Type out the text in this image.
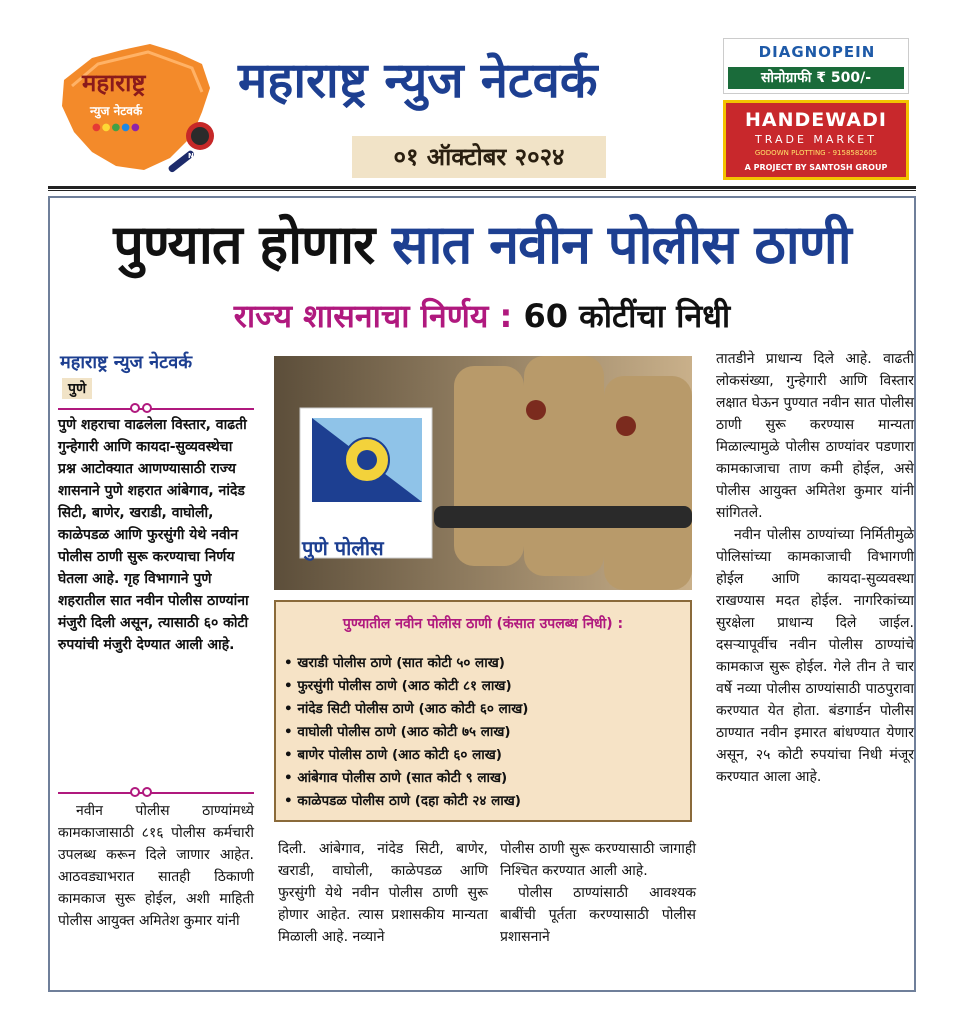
महाराष्ट्र
न्युज नेटवर्क
●●●●●
NEWS
महाराष्ट्र न्युज नेटवर्क
०१ ऑक्टोबर २०२४
DIAGNOPEIN
सोनोग्राफी ₹ 500/-
HANDEWADI
TRADE MARKET
GODOWN PLOTTING - 9158582605
A PROJECT BY SANTOSH GROUP
पुण्यात होणार सात नवीन पोलीस ठाणी
राज्य शासनाचा निर्णय : 60 कोटींचा निधी
महाराष्ट्र न्युज नेटवर्क
पुणे

पुणे शहराचा वाढलेला विस्तार, वाढती गुन्हेगारी आणि कायदा-सुव्यवस्थेचा प्रश्न आटोक्यात आणण्यासाठी राज्य शासनाने पुणे शहरात आंबेगाव, नांदेड सिटी, बाणेर, खराडी, वाघोली, काळेपडळ आणि फुरसुंगी येथे नवीन पोलीस ठाणी सुरू करण्याचा निर्णय घेतला आहे. गृह विभागाने पुणे शहरातील सात नवीन पोलीस ठाण्यांना मंजुरी दिली असून, त्यासाठी ६० कोटी रुपयांची मंजुरी देण्यात आली आहे.

नवीन पोलीस ठाण्यांमध्ये कामकाजासाठी ८१६ पोलीस कर्मचारी उपलब्ध करून दिले जाणार आहेत. आठवड्याभरात सातही ठिकाणी कामकाज सुरू होईल, अशी माहिती पोलीस आयुक्त अमितेश कुमार यांनी

पुणे पोलीस
पुण्यातील नवीन पोलीस ठाणी (कंसात उपलब्ध निधी) :
• खराडी पोलीस ठाणे (सात कोटी ५० लाख)
• फुरसुंगी पोलीस ठाणे (आठ कोटी ८१ लाख)
• नांदेड सिटी पोलीस ठाणे (आठ कोटी ६० लाख)
• वाघोली पोलीस ठाणे (आठ कोटी ७५ लाख)
• बाणेर पोलीस ठाणे (आठ कोटी ६० लाख)
• आंबेगाव पोलीस ठाणे (सात कोटी ९ लाख)
• काळेपडळ पोलीस ठाणे (दहा कोटी २४ लाख)

दिली. आंबेगाव, नांदेड सिटी, बाणेर, खराडी, वाघोली, काळेपडळ आणि फुरसुंगी येथे नवीन पोलीस ठाणी सुरू होणार आहेत. त्यास प्रशासकीय मान्यता मिळाली आहे. नव्याने

पोलीस ठाणी सुरू करण्यासाठी जागाही निश्चित करण्यात आली आहे.

पोलीस ठाण्यांसाठी आवश्यक बाबींची पूर्तता करण्यासाठी पोलीस प्रशासनाने

तातडीने प्राधान्य दिले आहे. वाढती लोकसंख्या, गुन्हेगारी आणि विस्तार लक्षात घेऊन पुण्यात नवीन सात पोलीस ठाणी सुरू करण्यास मान्यता मिळाल्यामुळे पोलीस ठाण्यांवर पडणारा कामकाजाचा ताण कमी होईल, असे पोलीस आयुक्त अमितेश कुमार यांनी सांगितले.

नवीन पोलीस ठाण्यांच्या निर्मितीमुळे पोलिसांच्या कामकाजाची विभागणी होईल आणि कायदा-सुव्यवस्था राखण्यास मदत होईल. नागरिकांच्या सुरक्षेला प्राधान्य दिले जाईल. दसऱ्यापूर्वीच नवीन पोलीस ठाण्यांचे कामकाज सुरू होईल. गेले तीन ते चार वर्षे नव्या पोलीस ठाण्यांसाठी पाठपुरावा करण्यात येत होता. बंडगार्डन पोलीस ठाण्यात नवीन इमारत बांधण्यात येणार असून, २५ कोटी रुपयांचा निधी मंजूर करण्यात आला आहे.
